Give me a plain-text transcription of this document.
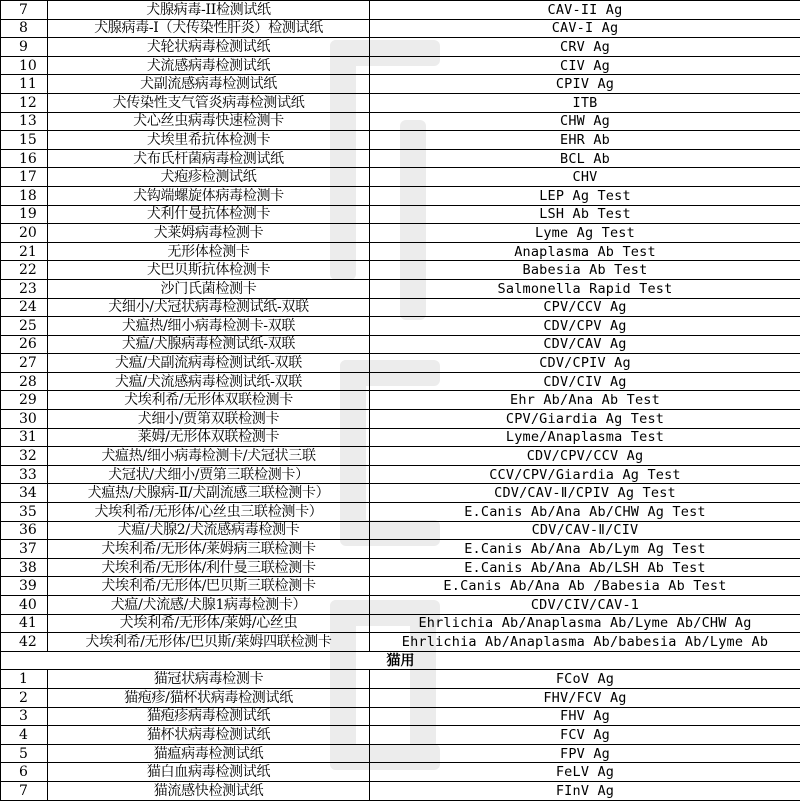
7	犬腺病毒-II检测试纸	CAV-II Ag
8	犬腺病毒-I（犬传染性肝炎）检测试纸	CAV-I Ag
9	犬轮状病毒检测试纸	CRV Ag
10	犬流感病毒检测试纸	CIV Ag
11	犬副流感病毒检测试纸	CPIV Ag
12	犬传染性支气管炎病毒检测试纸	ITB
13	犬心丝虫病毒快速检测卡	CHW Ag
15	犬埃里希抗体检测卡	EHR Ab
16	犬布氏杆菌病毒检测试纸	BCL Ab
17	犬疱疹检测试纸	CHV
18	犬钩端螺旋体病毒检测卡	LEP Ag Test
19	犬利什曼抗体检测卡	LSH Ab Test
20	犬莱姆病毒检测卡	Lyme Ag Test
21	无形体检测卡	Anaplasma Ab Test
22	犬巴贝斯抗体检测卡	Babesia Ab Test
23	沙门氏菌检测卡	Salmonella Rapid Test
24	犬细小/犬冠状病毒检测试纸-双联	CPV/CCV Ag
25	犬瘟热/细小病毒检测卡-双联	CDV/CPV Ag
26	犬瘟/犬腺病毒检测试纸-双联	CDV/CAV Ag
27	犬瘟/犬副流病毒检测试纸-双联	CDV/CPIV Ag
28	犬瘟/犬流感病毒检测试纸-双联	CDV/CIV Ag
29	犬埃利希/无形体双联检测卡	Ehr Ab/Ana Ab Test
30	犬细小/贾第双联检测卡	CPV/Giardia Ag Test
31	莱姆/无形体双联检测卡	Lyme/Anaplasma Test
32	犬瘟热/细小病毒检测卡/犬冠状三联	CDV/CPV/CCV Ag
33	犬冠状/犬细小/贾第三联检测卡）	CCV/CPV/Giardia Ag Test
34	犬瘟热/犬腺病-Ⅱ/犬副流感三联检测卡）	CDV/CAV-Ⅱ/CPIV Ag Test
35	犬埃利希/无形体/心丝虫三联检测卡）	E.Canis Ab/Ana Ab/CHW Ag Test
36	犬瘟/犬腺2/犬流感病毒检测卡	CDV/CAV-Ⅱ/CIV
37	犬埃利希/无形体/莱姆病三联检测卡	E.Canis Ab/Ana Ab/Lym Ag Test
38	犬埃利希/无形体/利什曼三联检测卡	E.Canis Ab/Ana Ab/LSH Ab Test
39	犬埃利希/无形体/巴贝斯三联检测卡	E.Canis Ab/Ana Ab /Babesia Ab Test
40	犬瘟/犬流感/犬腺1病毒检测卡）	CDV/CIV/CAV-1
41	犬埃利希/无形体/莱姆/心丝虫	Ehrlichia Ab/Anaplasma Ab/Lyme Ab/CHW Ag
42	犬埃利希/无形体/巴贝斯/莱姆四联检测卡	Ehrlichia Ab/Anaplasma Ab/babesia Ab/Lyme Ab
猫用		
1	猫冠状病毒检测卡	FCoV Ag
2	猫疱疹/猫杯状病毒检测试纸	FHV/FCV Ag
3	猫疱疹病毒检测试纸	FHV Ag
4	猫杯状病毒检测试纸	FCV Ag
5	猫瘟病毒检测试纸	FPV Ag
6	猫白血病毒检测试纸	FeLV Ag
7	猫流感快检测试纸	FInV Ag
